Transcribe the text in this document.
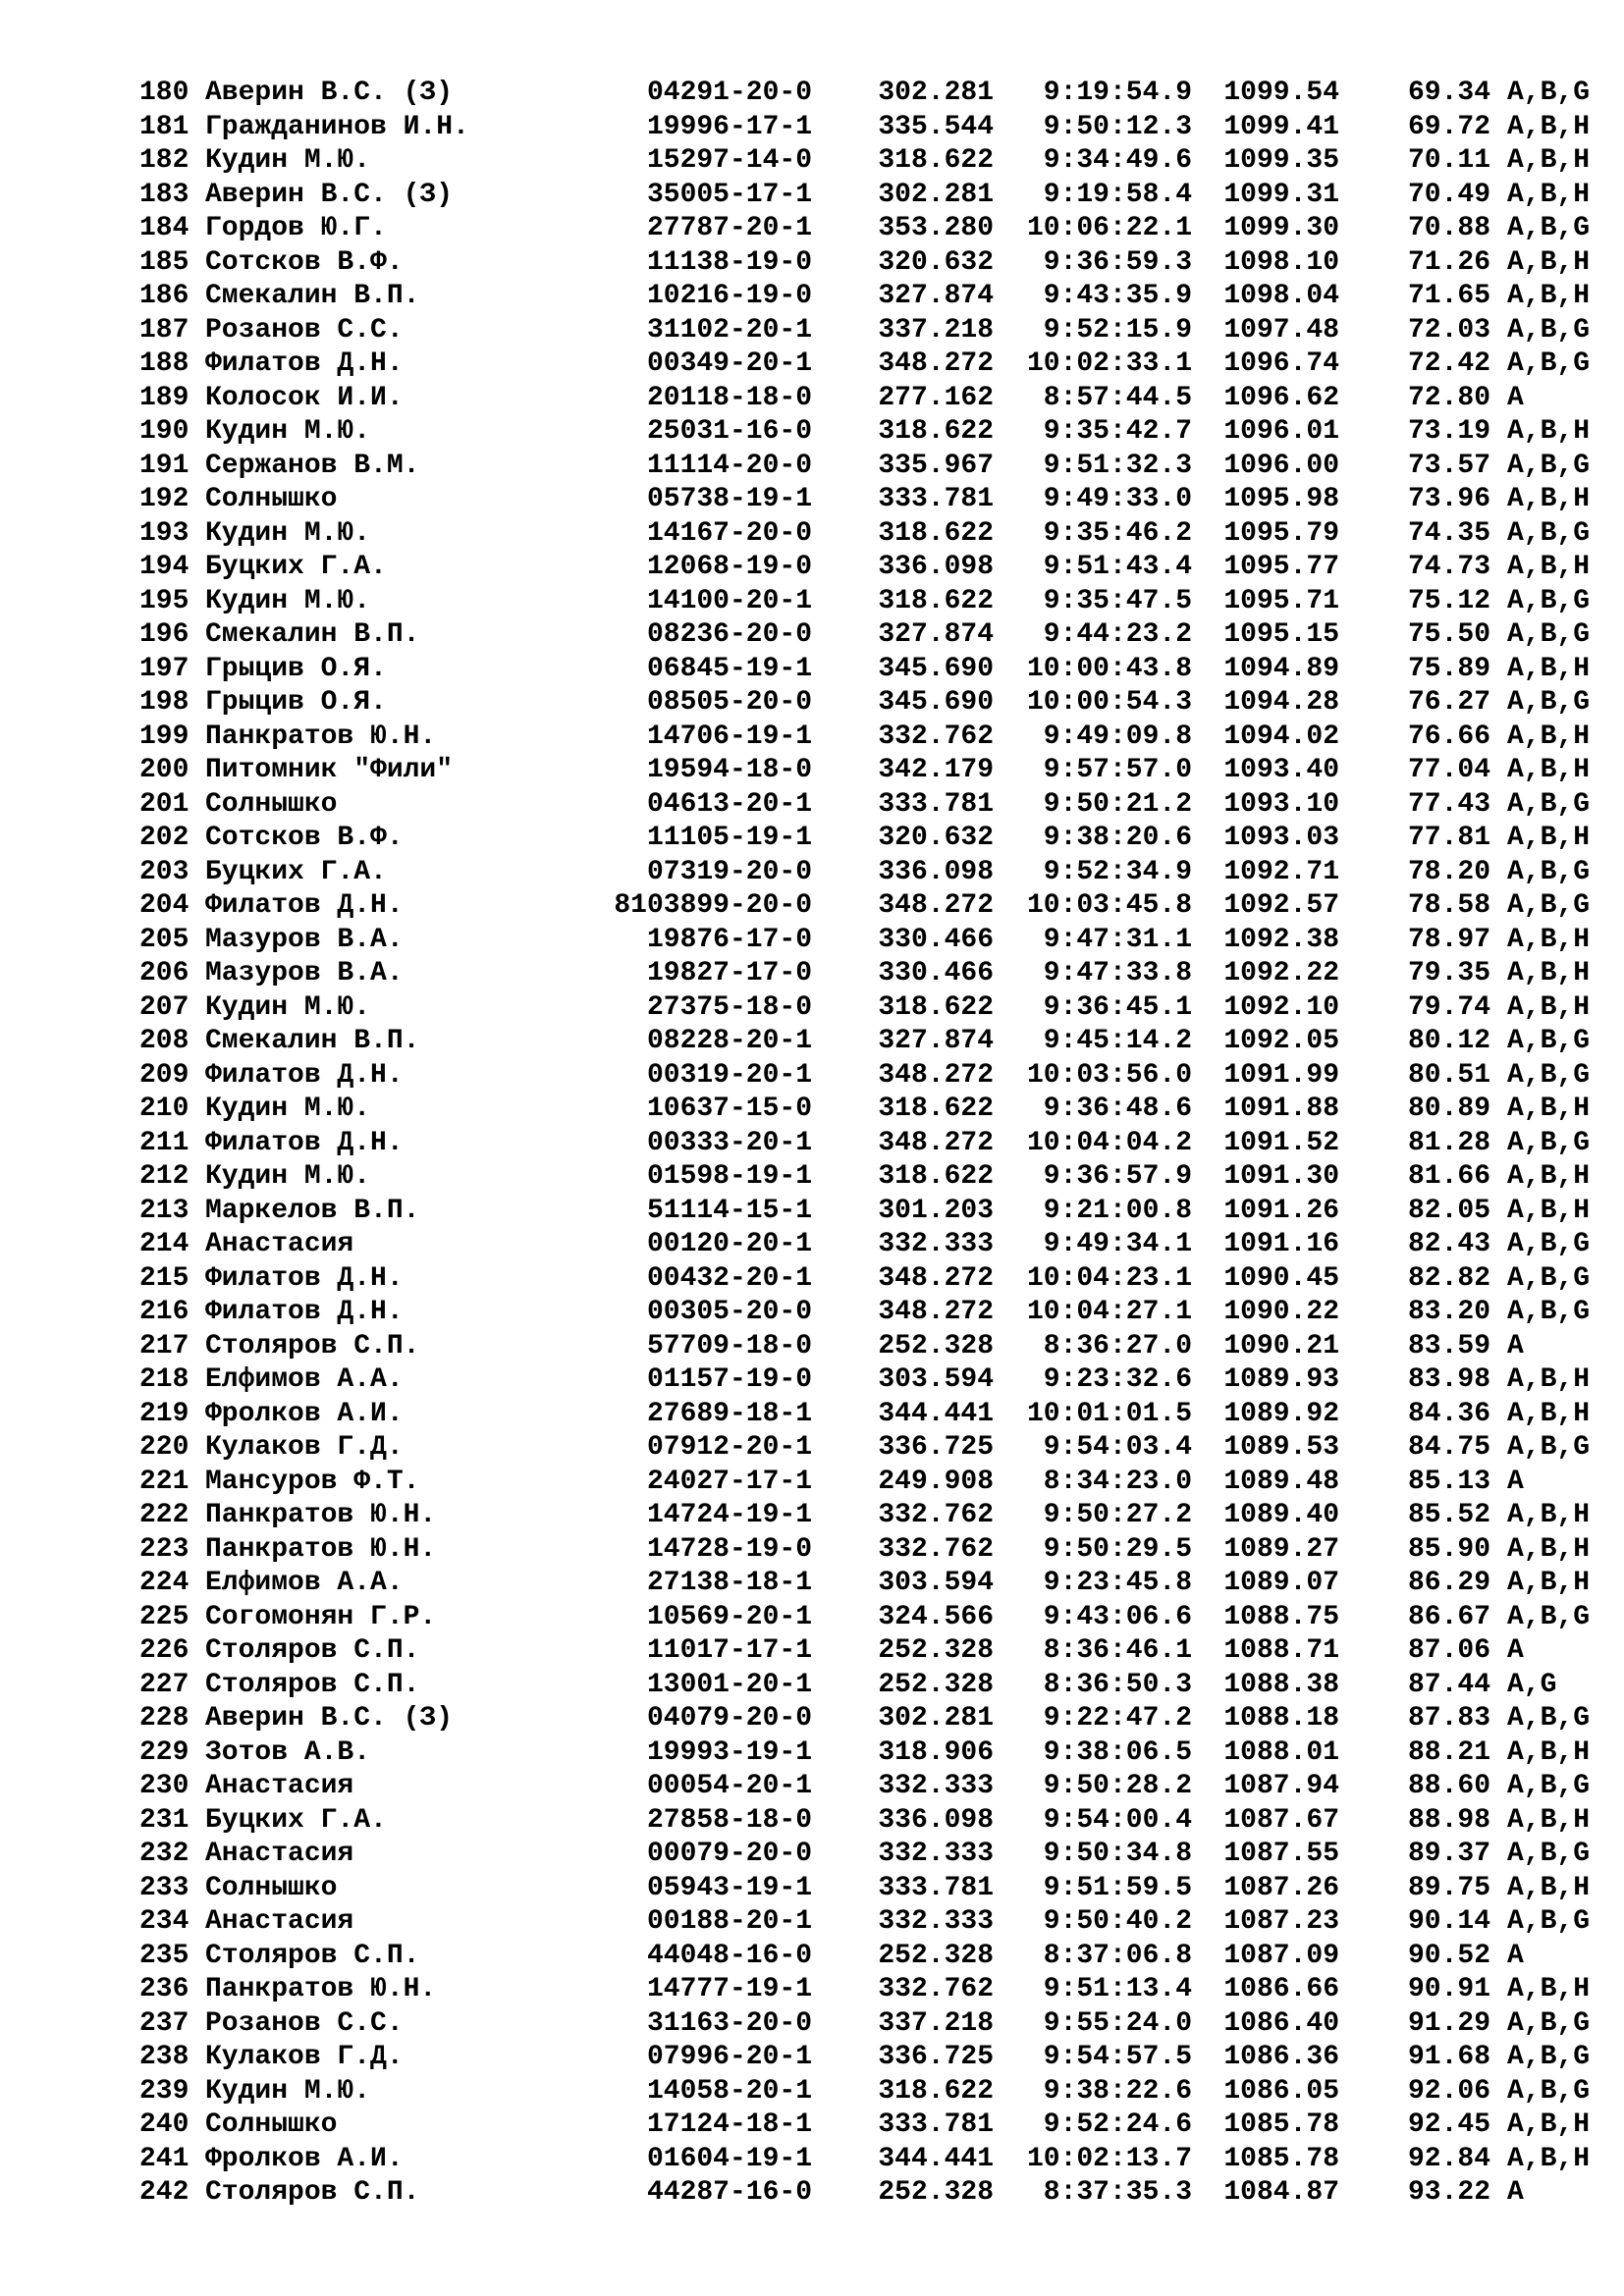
180 Аверин В.С. (З)	04291-20-0 302.281 9:19:54.9 1099.54 69.34 A,B,G
181 Гражданинов И.Н.	19996-17-1 335.544 9:50:12.3 1099.41 69.72 A,B,H
182 Кудин М.Ю.	15297-14-0 318.622 9:34:49.6 1099.35 70.11 A,B,H
183 Аверин В.С. (З)	35005-17-1 302.281 9:19:58.4 1099.31 70.49 A,B,H
184 Гордов Ю.Г.	27787-20-1 353.280 10:06:22.1 1099.30 70.88 A,B,G
185 Сотсков В.Ф.	11138-19-0 320.632 9:36:59.3 1098.10 71.26 A,B,H
186 Смекалин В.П.	10216-19-0 327.874 9:43:35.9 1098.04 71.65 A,B,H
187 Розанов С.С.	31102-20-1 337.218 9:52:15.9 1097.48 72.03 A,B,G
188 Филатов Д.Н.	00349-20-1 348.272 10:02:33.1 1096.74 72.42 A,B,G
189 Колосок И.И.	20118-18-0 277.162 8:57:44.5 1096.62 72.80 A
190 Кудин М.Ю.	25031-16-0 318.622 9:35:42.7 1096.01 73.19 A,B,H
191 Сержанов В.М.	11114-20-0 335.967 9:51:32.3 1096.00 73.57 A,B,G
192 Солнышко	05738-19-1 333.781 9:49:33.0 1095.98 73.96 A,B,H
193 Кудин М.Ю.	14167-20-0 318.622 9:35:46.2 1095.79 74.35 A,B,G
194 Буцких Г.А.	12068-19-0 336.098 9:51:43.4 1095.77 74.73 A,B,H
195 Кудин М.Ю.	14100-20-1 318.622 9:35:47.5 1095.71 75.12 A,B,G
196 Смекалин В.П.	08236-20-0 327.874 9:44:23.2 1095.15 75.50 A,B,G
197 Грыцив О.Я.	06845-19-1 345.690 10:00:43.8 1094.89 75.89 A,B,H
198 Грыцив О.Я.	08505-20-0 345.690 10:00:54.3 1094.28 76.27 A,B,G
199 Панкратов Ю.Н.	14706-19-1 332.762 9:49:09.8 1094.02 76.66 A,B,H
200 Питомник "Фили"	19594-18-0 342.179 9:57:57.0 1093.40 77.04 A,B,H
201 Солнышко	04613-20-1 333.781 9:50:21.2 1093.10 77.43 A,B,G
202 Сотсков В.Ф.	11105-19-1 320.632 9:38:20.6 1093.03 77.81 A,B,H
203 Буцких Г.А.	07319-20-0 336.098 9:52:34.9 1092.71 78.20 A,B,G
204 Филатов Д.Н.	8103899-20-0 348.272 10:03:45.8 1092.57 78.58 A,B,G
205 Мазуров В.А.	19876-17-0 330.466 9:47:31.1 1092.38 78.97 A,B,H
206 Мазуров В.А.	19827-17-0 330.466 9:47:33.8 1092.22 79.35 A,B,H
207 Кудин М.Ю.	27375-18-0 318.622 9:36:45.1 1092.10 79.74 A,B,H
208 Смекалин В.П.	08228-20-1 327.874 9:45:14.2 1092.05 80.12 A,B,G
209 Филатов Д.Н.	00319-20-1 348.272 10:03:56.0 1091.99 80.51 A,B,G
210 Кудин М.Ю.	10637-15-0 318.622 9:36:48.6 1091.88 80.89 A,B,H
211 Филатов Д.Н.	00333-20-1 348.272 10:04:04.2 1091.52 81.28 A,B,G
212 Кудин М.Ю.	01598-19-1 318.622 9:36:57.9 1091.30 81.66 A,B,H
213 Маркелов В.П.	51114-15-1 301.203 9:21:00.8 1091.26 82.05 A,B,H
214 Анастасия	00120-20-1 332.333 9:49:34.1 1091.16 82.43 A,B,G
215 Филатов Д.Н.	00432-20-1 348.272 10:04:23.1 1090.45 82.82 A,B,G
216 Филатов Д.Н.	00305-20-0 348.272 10:04:27.1 1090.22 83.20 A,B,G
217 Столяров С.П.	57709-18-0 252.328 8:36:27.0 1090.21 83.59 A
218 Елфимов А.А.	01157-19-0 303.594 9:23:32.6 1089.93 83.98 A,B,H
219 Фролков А.И.	27689-18-1 344.441 10:01:01.5 1089.92 84.36 A,B,H
220 Кулаков Г.Д.	07912-20-1 336.725 9:54:03.4 1089.53 84.75 A,B,G
221 Мансуров Ф.Т.	24027-17-1 249.908 8:34:23.0 1089.48 85.13 A
222 Панкратов Ю.Н.	14724-19-1 332.762 9:50:27.2 1089.40 85.52 A,B,H
223 Панкратов Ю.Н.	14728-19-0 332.762 9:50:29.5 1089.27 85.90 A,B,H
224 Елфимов А.А.	27138-18-1 303.594 9:23:45.8 1089.07 86.29 A,B,H
225 Согомонян Г.Р.	10569-20-1 324.566 9:43:06.6 1088.75 86.67 A,B,G
226 Столяров С.П.	11017-17-1 252.328 8:36:46.1 1088.71 87.06 A
227 Столяров С.П.	13001-20-1 252.328 8:36:50.3 1088.38 87.44 A,G
228 Аверин В.С. (З)	04079-20-0 302.281 9:22:47.2 1088.18 87.83 A,B,G
229 Зотов А.В.	19993-19-1 318.906 9:38:06.5 1088.01 88.21 A,B,H
230 Анастасия	00054-20-1 332.333 9:50:28.2 1087.94 88.60 A,B,G
231 Буцких Г.А.	27858-18-0 336.098 9:54:00.4 1087.67 88.98 A,B,H
232 Анастасия	00079-20-0 332.333 9:50:34.8 1087.55 89.37 A,B,G
233 Солнышко	05943-19-1 333.781 9:51:59.5 1087.26 89.75 A,B,H
234 Анастасия	00188-20-1 332.333 9:50:40.2 1087.23 90.14 A,B,G
235 Столяров С.П.	44048-16-0 252.328 8:37:06.8 1087.09 90.52 A
236 Панкратов Ю.Н.	14777-19-1 332.762 9:51:13.4 1086.66 90.91 A,B,H
237 Розанов С.С.	31163-20-0 337.218 9:55:24.0 1086.40 91.29 A,B,G
238 Кулаков Г.Д.	07996-20-1 336.725 9:54:57.5 1086.36 91.68 A,B,G
239 Кудин М.Ю.	14058-20-1 318.622 9:38:22.6 1086.05 92.06 A,B,G
240 Солнышко	17124-18-1 333.781 9:52:24.6 1085.78 92.45 A,B,H
241 Фролков А.И.	01604-19-1 344.441 10:02:13.7 1085.78 92.84 A,B,H
242 Столяров С.П.	44287-16-0 252.328 8:37:35.3 1084.87 93.22 A
